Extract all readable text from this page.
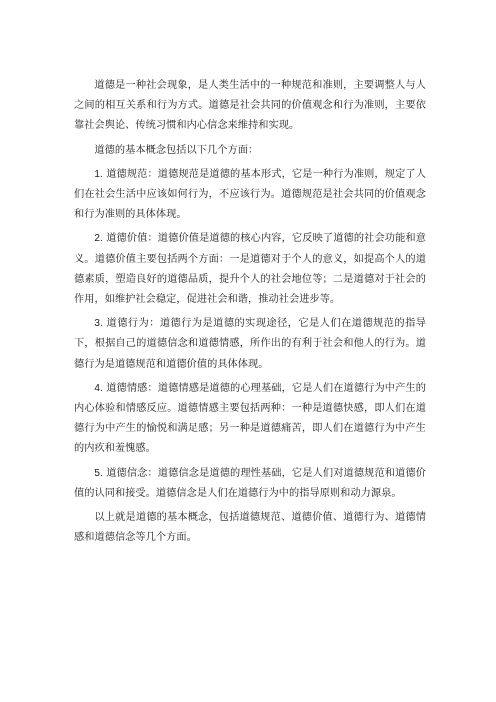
道德是一种社会现象，是人类生活中的一种规范和准则，主要调整人与人之间的相互关系和行为方式。道德是社会共同的价值观念和行为准则，主要依靠社会舆论、传统习惯和内心信念来维持和实现。

道德的基本概念包括以下几个方面：

1. 道德规范：道德规范是道德的基本形式，它是一种行为准则，规定了人们在社会生活中应该如何行为，不应该行为。道德规范是社会共同的价值观念和行为准则的具体体现。

2. 道德价值：道德价值是道德的核心内容，它反映了道德的社会功能和意义。道德价值主要包括两个方面：一是道德对于个人的意义，如提高个人的道德素质，塑造良好的道德品质，提升个人的社会地位等；二是道德对于社会的作用，如维护社会稳定，促进社会和谐，推动社会进步等。

3. 道德行为：道德行为是道德的实现途径，它是人们在道德规范的指导下，根据自己的道德信念和道德情感，所作出的有利于社会和他人的行为。道德行为是道德规范和道德价值的具体体现。

4. 道德情感：道德情感是道德的心理基础，它是人们在道德行为中产生的内心体验和情感反应。道德情感主要包括两种：一种是道德快感，即人们在道德行为中产生的愉悦和满足感；另一种是道德痛苦，即人们在道德行为中产生的内疚和羞愧感。

5. 道德信念：道德信念是道德的理性基础，它是人们对道德规范和道德价值的认同和接受。道德信念是人们在道德行为中的指导原则和动力源泉。

以上就是道德的基本概念，包括道德规范、道德价值、道德行为、道德情感和道德信念等几个方面。
